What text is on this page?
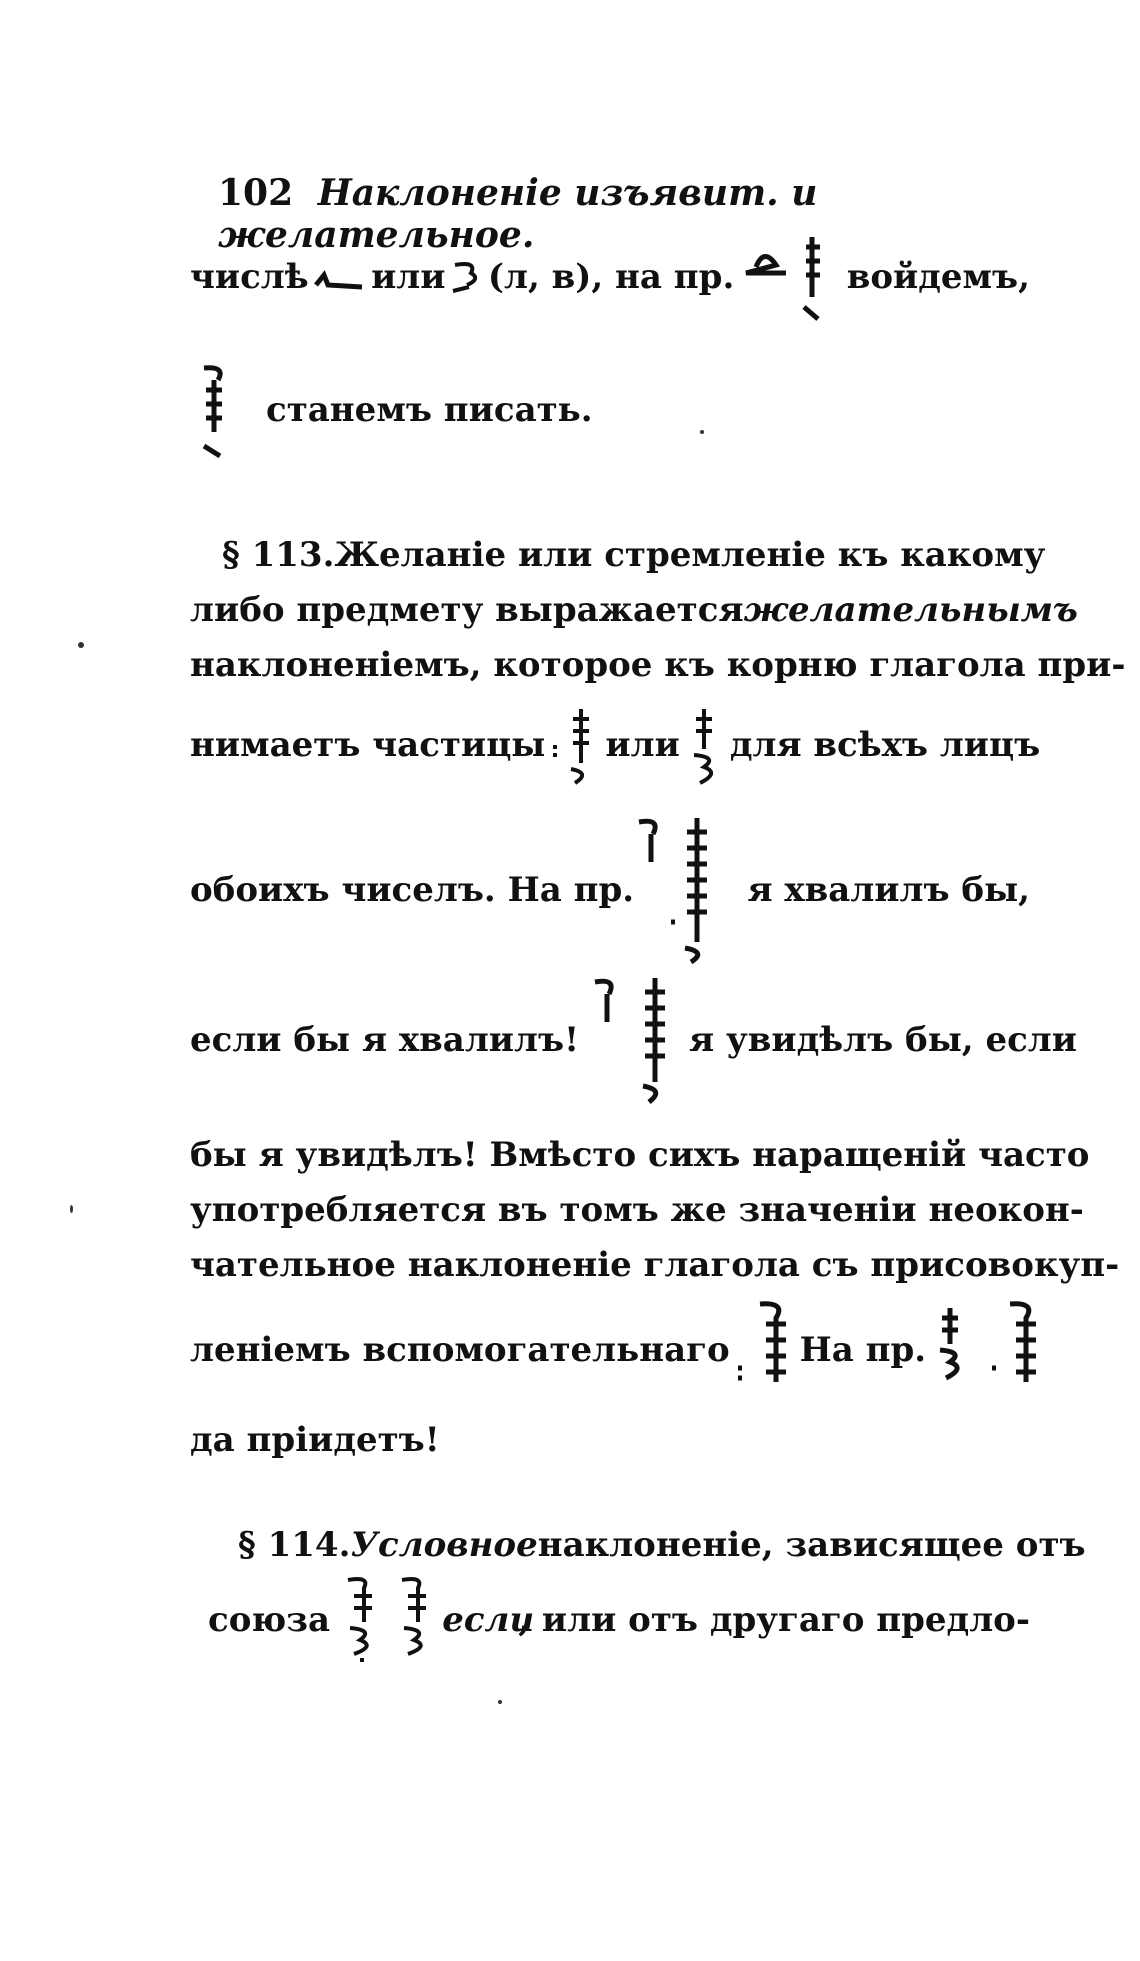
102 Наклоненіе изъявит. и желательное.
числѣ или (л, в), на пр.	войдемъ,
станемъ писать.
§ 113. Желаніе или стремленіе къ какому
либо предмету выражается желательнымъ
наклоненіемъ, которое къ корню глагола при-
нимаетъ частицы или для всѣхъ лицъ
обоихъ чиселъ. На пр.	я хвалилъ бы,
если бы я хвалилъ!	я увидѣлъ бы, если
бы я увидѣлъ! Вмѣсто сихъ наращеній часто
употребляется въ томъ же значеніи неокон-
чательное наклоненіе глагола съ присовокуп-
леніемъ вспомогательнаго На пр.
да пріидетъ!
§ 114. Условное наклоненіе, зависящее отъ
союза	если
, или отъ другаго предло-
